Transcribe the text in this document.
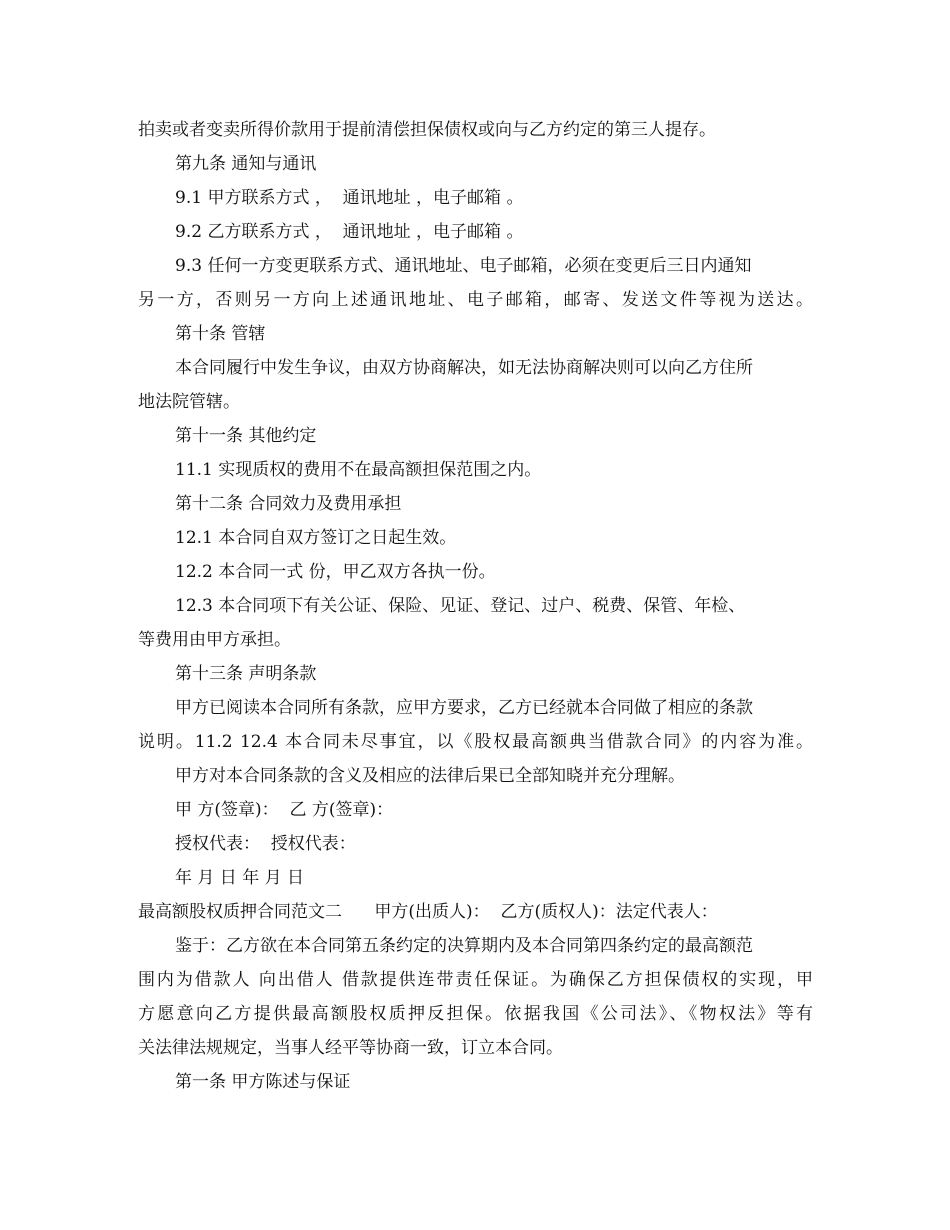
拍卖或者变卖所得价款用于提前清偿担保债权或向与乙方约定的第三人提存。

第九条 通知与通讯

9.1 甲方联系方式 ，  通讯地址 ，电子邮箱 。

9.2 乙方联系方式 ，  通讯地址 ，电子邮箱 。

9.3 任何一方变更联系方式、通讯地址、电子邮箱，必须在变更后三日内通知

另一方，否则另一方向上述通讯地址、电子邮箱，邮寄、发送文件等视为送达。

第十条 管辖

本合同履行中发生争议，由双方协商解决，如无法协商解决则可以向乙方住所

地法院管辖。

第十一条 其他约定

11.1 实现质权的费用不在最高额担保范围之内。

第十二条 合同效力及费用承担

12.1 本合同自双方签订之日起生效。

12.2 本合同一式 份，甲乙双方各执一份。

12.3 本合同项下有关公证、保险、见证、登记、过户、税费、保管、年检、

等费用由甲方承担。

第十三条 声明条款

甲方已阅读本合同所有条款，应甲方要求，乙方已经就本合同做了相应的条款

说明。11.2 12.4 本合同未尽事宜，以《股权最高额典当借款合同》的内容为准。

甲方对本合同条款的含义及相应的法律后果已全部知晓并充分理解。

甲 方(签章)：  乙 方(签章)：

授权代表：  授权代表：

年 月 日 年 月 日

最高额股权质押合同范文二      甲方(出质人)：  乙方(质权人)：法定代表人：

鉴于：乙方欲在本合同第五条约定的决算期内及本合同第四条约定的最高额范

围内为借款人 向出借人 借款提供连带责任保证。为确保乙方担保债权的实现，甲

方愿意向乙方提供最高额股权质押反担保。依据我国《公司法》、《物权法》等有

关法律法规规定，当事人经平等协商一致，订立本合同。

第一条 甲方陈述与保证
